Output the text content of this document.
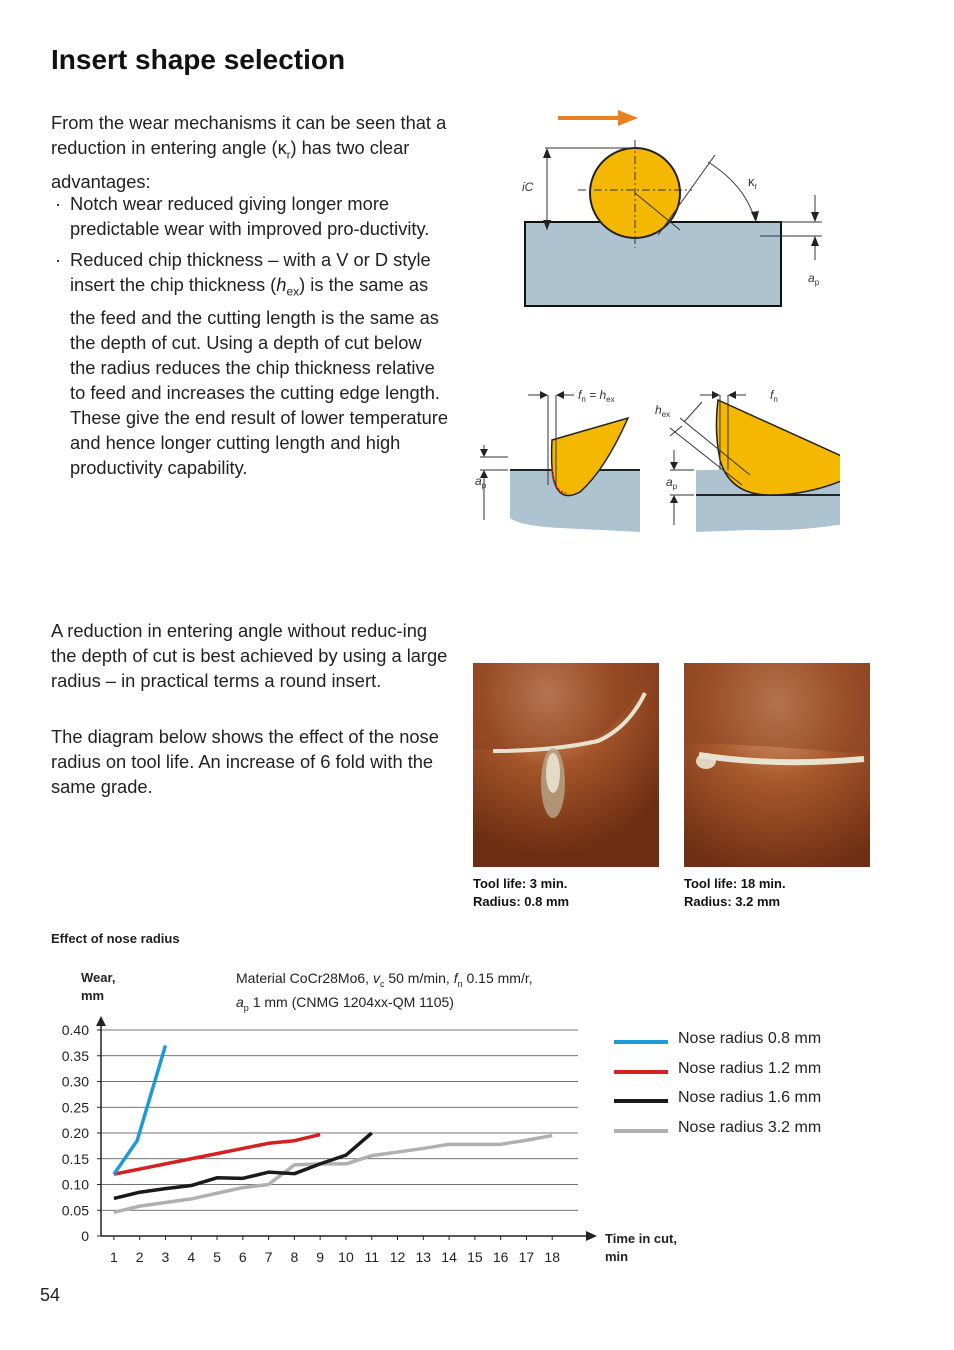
Insert shape selection
From the wear mechanisms it can be seen that a reduction in entering angle $(\kappa_r)$ has two clear advantages:
· Notch wear reduced giving longer more predictable wear with improved pro-ductivity.
· Reduced chip thickness – with a V or D style insert the chip thickness $(h_{ex})$ is the same as the feed and the cutting length is the same as the depth of cut. Using a depth of cut below the radius reduces the chip thickness relative to feed and increases the cutting edge length. These give the end result of lower temperature and hence longer cutting length and high productivity capability.
iC	$\kappa_r$
$a_p$
$f_n = h_{ex}$
$a_p$
$f_n$
$h_{ex}$
$a_p$
A reduction in entering angle without reduc-ing the depth of cut is best achieved by using a large radius – in practical terms a round insert.
The diagram below shows the effect of the nose radius on tool life. An increase of 6 fold with the same grade.
Tool life: 3 min.
Radius: 0.8 mm
Tool life: 18 min.
Radius: 3.2 mm
Effect of nose radius
Wear, mm
Material CoCr28Mo6, $v_c$ 50 m/min, $f_n$ 0.15 mm/r,
$a_p$ 1 mm (CNMG 1204xx-QM 1105)
0
0.05
0.10
0.15
0.20
0.25
0.30
0.35
0.40
1 2 3 4 5 6 7 8 9 10 11 12 13 14 15 16 17 18
Time in cut, min
Nose radius 0.8 mm
Nose radius 1.2 mm
Nose radius 1.6 mm
Nose radius 3.2 mm
54
